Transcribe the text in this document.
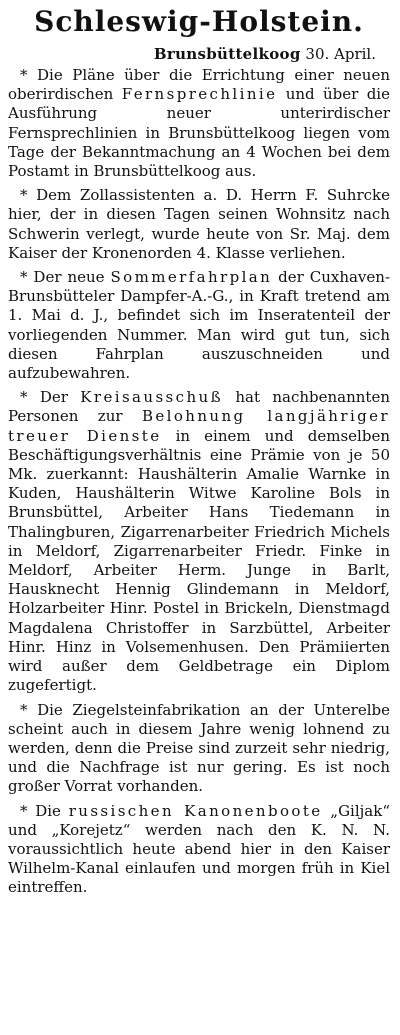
Schleswig-Holstein.
Brunsbüttelkoog 30. April.

* Die Pläne über die Errichtung einer neuen oberirdischen Fernsprechlinie und über die Ausführung neuer unterirdischer Fernsprechlinien in Brunsbüttelkoog liegen vom Tage der Bekanntmachung an 4 Wochen bei dem Postamt in Brunsbüttelkoog aus.

* Dem Zollassistenten a. D. Herrn F. Suhrcke hier, der in diesen Tagen seinen Wohnsitz nach Schwerin verlegt, wurde heute von Sr. Maj. dem Kaiser der Kronenorden 4. Klasse verliehen.

* Der neue Sommerfahrplan der Cuxhaven-Brunsbütteler Dampfer-A.-G., in Kraft tretend am 1. Mai d. J., befindet sich im Inseratenteil der vorliegenden Nummer. Man wird gut tun, sich diesen Fahrplan auszuschneiden und aufzubewahren.

* Der Kreisausschuß hat nachbenannten Personen zur Belohnung langjähriger treuer Dienste in einem und demselben Beschäftigungsverhältnis eine Prämie von je 50 Mk. zuerkannt: Haushälterin Amalie Warnke in Kuden, Haushälterin Witwe Karoline Bols in Brunsbüttel, Arbeiter Hans Tiedemann in Thalingburen, Zigarrenarbeiter Friedrich Michels in Meldorf, Zigarrenarbeiter Friedr. Finke in Meldorf, Arbeiter Herm. Junge in Barlt, Hausknecht Hennig Glindemann in Meldorf, Holzarbeiter Hinr. Postel in Brickeln, Dienstmagd Magdalena Christoffer in Sarzbüttel, Arbeiter Hinr. Hinz in Volsemenhusen. Den Prämiierten wird außer dem Geldbetrage ein Diplom zugefertigt.

* Die Ziegelsteinfabrikation an der Unterelbe scheint auch in diesem Jahre wenig lohnend zu werden, denn die Preise sind zurzeit sehr niedrig, und die Nachfrage ist nur gering. Es ist noch großer Vorrat vorhanden.

* Die russischen Kanonenboote „Giljak“ und „Korejetz“ werden nach den K. N. N. voraussichtlich heute abend hier in den Kaiser Wilhelm-Kanal einlaufen und morgen früh in Kiel eintreffen.
